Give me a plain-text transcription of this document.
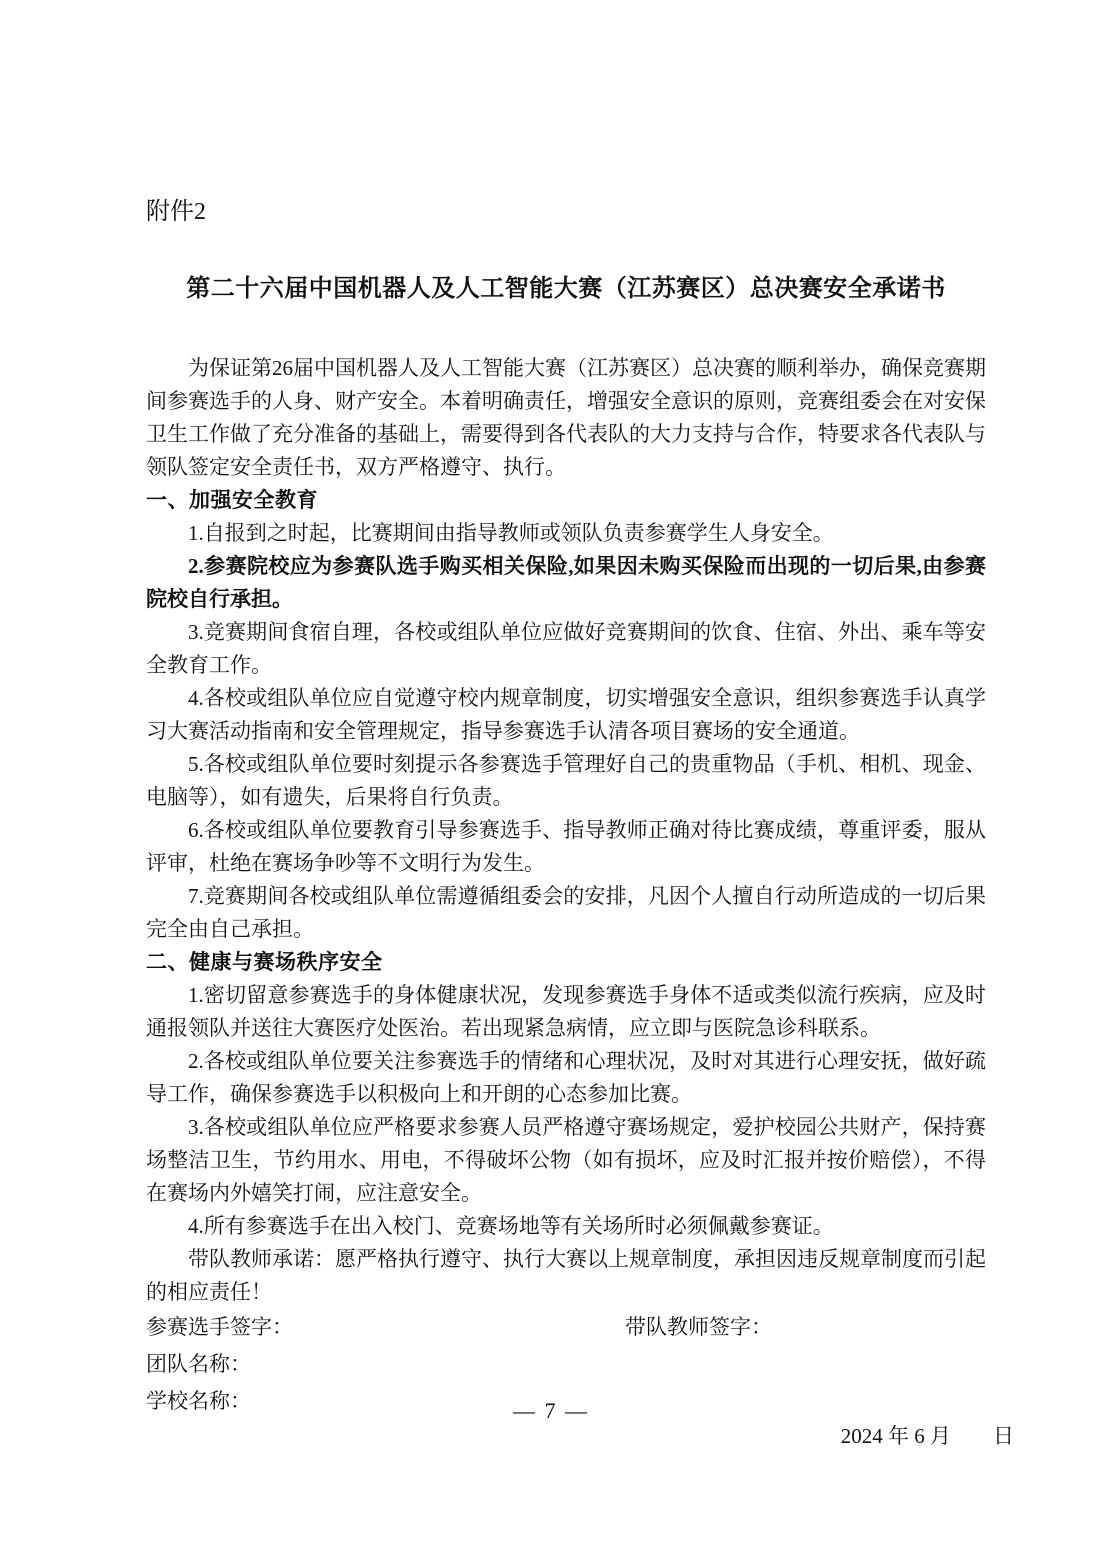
附件2
第二十六届中国机器人及人工智能大赛（江苏赛区）总决赛安全承诺书

为保证第26届中国机器人及人工智能大赛（江苏赛区）总决赛的顺利举办，确保竞赛期间参赛选手的人身、财产安全。本着明确责任，增强安全意识的原则，竞赛组委会在对安保卫生工作做了充分准备的基础上，需要得到各代表队的大力支持与合作，特要求各代表队与领队签定安全责任书，双方严格遵守、执行。

一、加强安全教育

1.自报到之时起，比赛期间由指导教师或领队负责参赛学生人身安全。

2.参赛院校应为参赛队选手购买相关保险,如果因未购买保险而出现的一切后果,由参赛院校自行承担。

3.竞赛期间食宿自理，各校或组队单位应做好竞赛期间的饮食、住宿、外出、乘车等安全教育工作。

4.各校或组队单位应自觉遵守校内规章制度，切实增强安全意识，组织参赛选手认真学习大赛活动指南和安全管理规定，指导参赛选手认清各项目赛场的安全通道。

5.各校或组队单位要时刻提示各参赛选手管理好自己的贵重物品（手机、相机、现金、电脑等），如有遗失，后果将自行负责。

6.各校或组队单位要教育引导参赛选手、指导教师正确对待比赛成绩，尊重评委，服从评审，杜绝在赛场争吵等不文明行为发生。

7.竞赛期间各校或组队单位需遵循组委会的安排，凡因个人擅自行动所造成的一切后果完全由自己承担。

二、健康与赛场秩序安全

1.密切留意参赛选手的身体健康状况，发现参赛选手身体不适或类似流行疾病，应及时通报领队并送往大赛医疗处医治。若出现紧急病情，应立即与医院急诊科联系。

2.各校或组队单位要关注参赛选手的情绪和心理状况，及时对其进行心理安抚，做好疏导工作，确保参赛选手以积极向上和开朗的心态参加比赛。

3.各校或组队单位应严格要求参赛人员严格遵守赛场规定，爱护校园公共财产，保持赛场整洁卫生，节约用水、用电，不得破坏公物（如有损坏，应及时汇报并按价赔偿），不得在赛场内外嬉笑打闹，应注意安全。

4.所有参赛选手在出入校门、竞赛场地等有关场所时必须佩戴参赛证。

带队教师承诺：愿严格执行遵守、执行大赛以上规章制度，承担因违反规章制度而引起的相应责任！

参赛选手签字：	带队教师签字：
团队名称：
学校名称：
2024 年 6 月　　日
— 7 —
